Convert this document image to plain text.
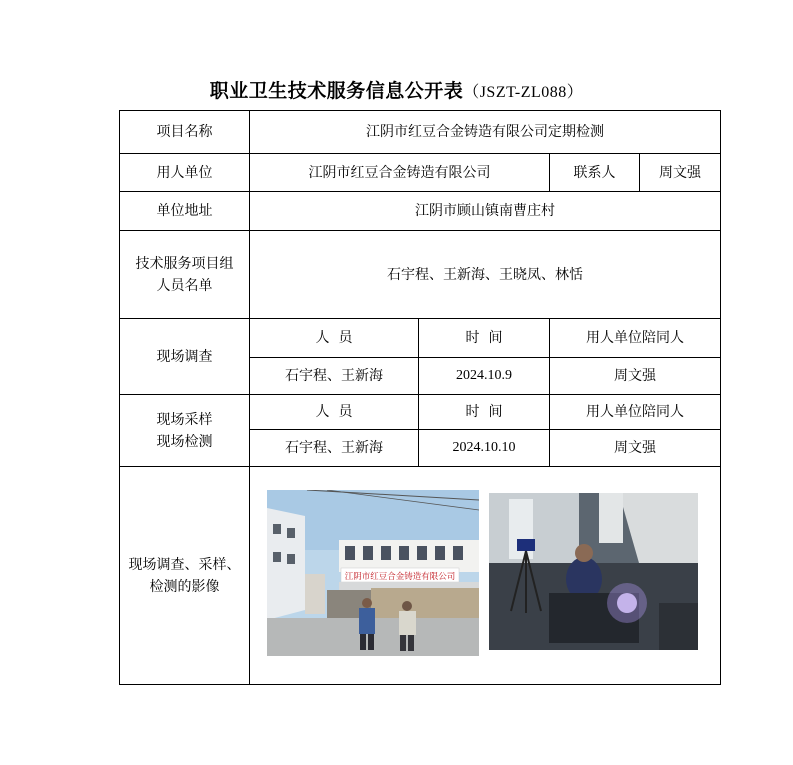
职业卫生技术服务信息公开表（JSZT-ZL088）
项目名称	江阴市红豆合金铸造有限公司定期检测			
用人单位	江阴市红豆合金铸造有限公司		联系人	周文强
单位地址	江阴市顾山镇南曹庄村			
技术服务项目组
人员名单	石宇程、王新海、王晓凤、林恬			
现场调查	人  员	时  间	用人单位陪同人	
	石宇程、王新海	2024.10.9	周文强	
现场采样
现场检测	人  员	时  间	用人单位陪同人	
	石宇程、王新海	2024.10.10	周文强	
现场调查、采样、
检测的影像	江阴市红豆合金铸造有限公司			
